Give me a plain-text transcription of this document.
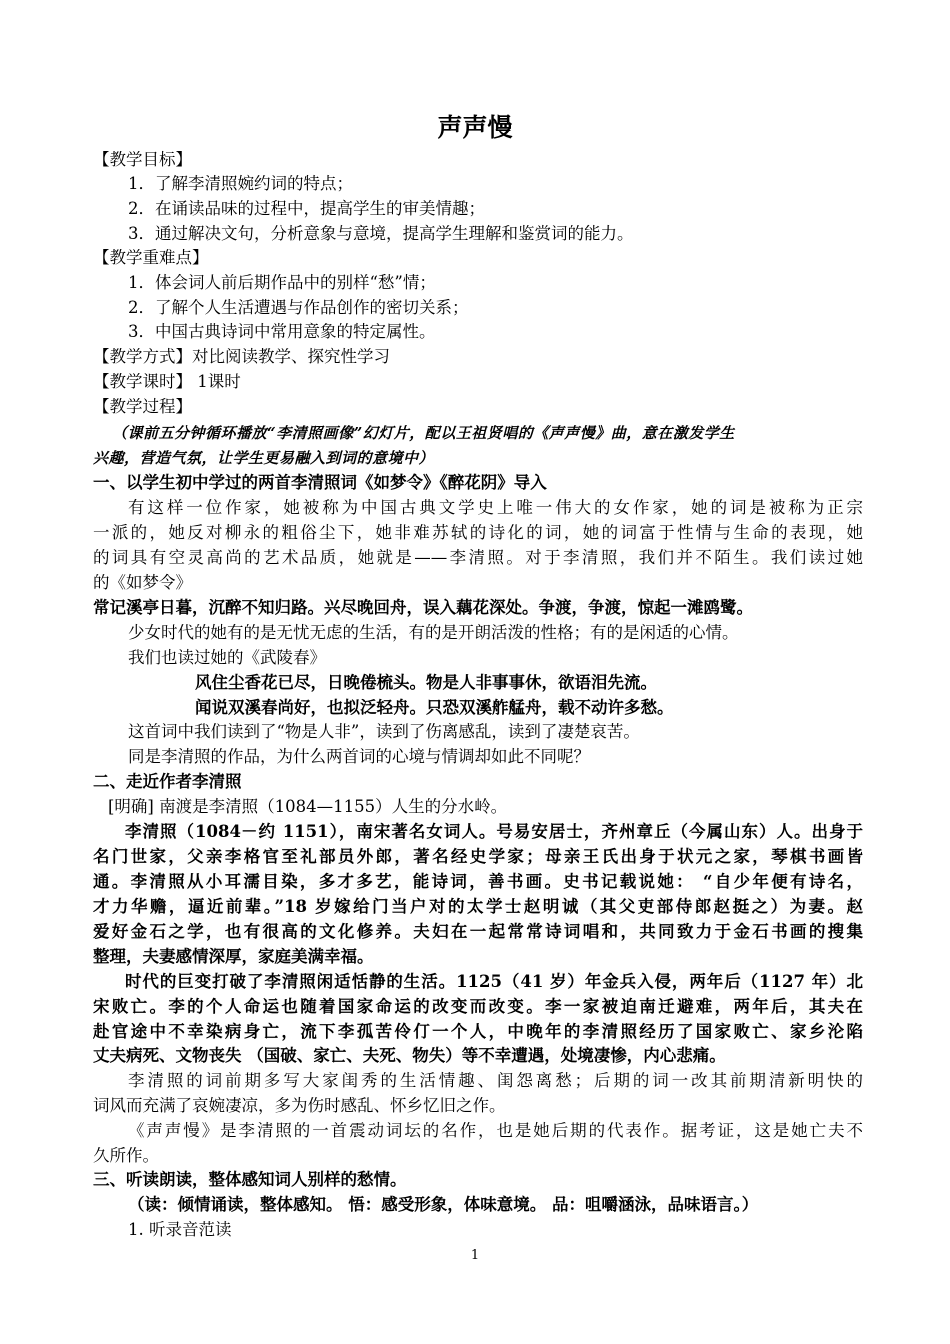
声声慢
【教学目标】
1．了解李清照婉约词的特点；
2．在诵读品味的过程中，提高学生的审美情趣；
3．通过解决文句，分析意象与意境，提高学生理解和鉴赏词的能力。
【教学重难点】
1．体会词人前后期作品中的别样“愁”情；
2．了解个人生活遭遇与作品创作的密切关系；
3．中国古典诗词中常用意象的特定属性。
【教学方式】对比阅读教学、探究性学习
【教学课时】 1课时
【教学过程】
（课前五分钟循环播放“李清照画像”幻灯片，配以王祖贤唱的《声声慢》曲，意在激发学生
兴趣，营造气氛，让学生更易融入到词的意境中）
一、以学生初中学过的两首李清照词《如梦令》《醉花阴》导入
有这样一位作家，她被称为中国古典文学史上唯一伟大的女作家，她的词是被称为正宗
一派的，她反对柳永的粗俗尘下，她非难苏轼的诗化的词，她的词富于性情与生命的表现，她
的词具有空灵高尚的艺术品质，她就是——李清照。对于李清照，我们并不陌生。我们读过她
的《如梦令》
常记溪亭日暮，沉醉不知归路。兴尽晚回舟，误入藕花深处。争渡，争渡，惊起一滩鸥鹭。
少女时代的她有的是无忧无虑的生活，有的是开朗活泼的性格；有的是闲适的心情。
我们也读过她的《武陵春》
风住尘香花已尽，日晚倦梳头。物是人非事事休，欲语泪先流。
闻说双溪春尚好，也拟泛轻舟。只恐双溪舴艋舟，载不动许多愁。
这首词中我们读到了“物是人非”，读到了伤离感乱，读到了凄楚哀苦。
同是李清照的作品，为什么两首词的心境与情调却如此不同呢？
二、走近作者李清照
[明确] 南渡是李清照（1084—1155）人生的分水岭。
李清照（1084－约 1151），南宋著名女词人。号易安居士，齐州章丘（今属山东）人。出身于
名门世家，父亲李格官至礼部员外郎，著名经史学家；母亲王氏出身于状元之家，琴棋书画皆
通。李清照从小耳濡目染，多才多艺，能诗词，善书画。史书记载说她： “自少年便有诗名，
才力华赡，逼近前辈。”18 岁嫁给门当户对的太学士赵明诚（其父吏部侍郎赵挺之）为妻。赵
爱好金石之学，也有很高的文化修养。夫妇在一起常常诗词唱和，共同致力于金石书画的搜集
整理，夫妻感情深厚，家庭美满幸福。
时代的巨变打破了李清照闲适恬静的生活。1125（41 岁）年金兵入侵，两年后（1127 年）北
宋败亡。李的个人命运也随着国家命运的改变而改变。李一家被迫南迁避难，两年后，其夫在
赴官途中不幸染病身亡，流下李孤苦伶仃一个人，中晚年的李清照经历了国家败亡、家乡沦陷
丈夫病死、文物丧失 （国破、家亡、夫死、物失）等不幸遭遇，处境凄惨，内心悲痛。
李清照的词前期多写大家闺秀的生活情趣、闺怨离愁；后期的词一改其前期清新明快的
词风而充满了哀婉凄凉，多为伤时感乱、怀乡忆旧之作。
《声声慢》是李清照的一首震动词坛的名作，也是她后期的代表作。据考证，这是她亡夫不
久所作。
三、听读朗读，整体感知词人别样的愁情。
（读：倾情诵读，整体感知。 悟：感受形象，体味意境。 品：咀嚼涵泳，品味语言。）
1. 听录音范读
1
